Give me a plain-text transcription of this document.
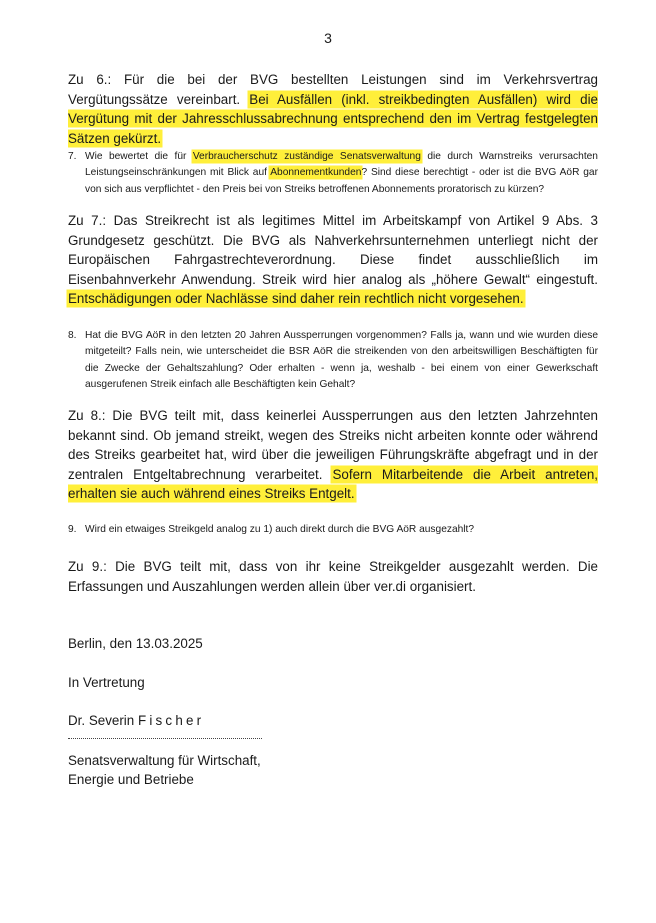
3
Zu 6.: Für die bei der BVG bestellten Leistungen sind im Verkehrsvertrag Vergütungssätze vereinbart. Bei Ausfällen (inkl. streikbedingten Ausfällen) wird die Vergütung mit der Jahresschlussabrechnung entsprechend den im Vertrag festgelegten Sätzen gekürzt.
7. Wie bewertet die für Verbraucherschutz zuständige Senatsverwaltung die durch Warnstreiks verursachten Leistungseinschränkungen mit Blick auf Abonnementkunden? Sind diese berechtigt - oder ist die BVG AöR gar von sich aus verpflichtet - den Preis bei von Streiks betroffenen Abonnements proratorisch zu kürzen?
Zu 7.: Das Streikrecht ist als legitimes Mittel im Arbeitskampf von Artikel 9 Abs. 3 Grundgesetz geschützt. Die BVG als Nahverkehrsunternehmen unterliegt nicht der Europäischen Fahrgastrechteverordnung. Diese findet ausschließlich im Eisenbahnverkehr Anwendung. Streik wird hier analog als „höhere Gewalt“ eingestuft. Entschädigungen oder Nachlässe sind daher rein rechtlich nicht vorgesehen.
8. Hat die BVG AöR in den letzten 20 Jahren Aussperrungen vorgenommen? Falls ja, wann und wie wurden diese mitgeteilt? Falls nein, wie unterscheidet die BSR AöR die streikenden von den arbeitswilligen Beschäftigten für die Zwecke der Gehaltszahlung? Oder erhalten - wenn ja, weshalb - bei einem von einer Gewerkschaft ausgerufenen Streik einfach alle Beschäftigten kein Gehalt?
Zu 8.: Die BVG teilt mit, dass keinerlei Aussperrungen aus den letzten Jahrzehnten bekannt sind. Ob jemand streikt, wegen des Streiks nicht arbeiten konnte oder während des Streiks gearbeitet hat, wird über die jeweiligen Führungskräfte abgefragt und in der zentralen Entgeltabrechnung verarbeitet. Sofern Mitarbeitende die Arbeit antreten, erhalten sie auch während eines Streiks Entgelt.
9. Wird ein etwaiges Streikgeld analog zu 1) auch direkt durch die BVG AöR ausgezahlt?
Zu 9.: Die BVG teilt mit, dass von ihr keine Streikgelder ausgezahlt werden. Die Erfassungen und Auszahlungen werden allein über ver.di organisiert.
Berlin, den 13.03.2025
In Vertretung
Dr. Severin Fischer
Senatsverwaltung für Wirtschaft,
Energie und Betriebe
